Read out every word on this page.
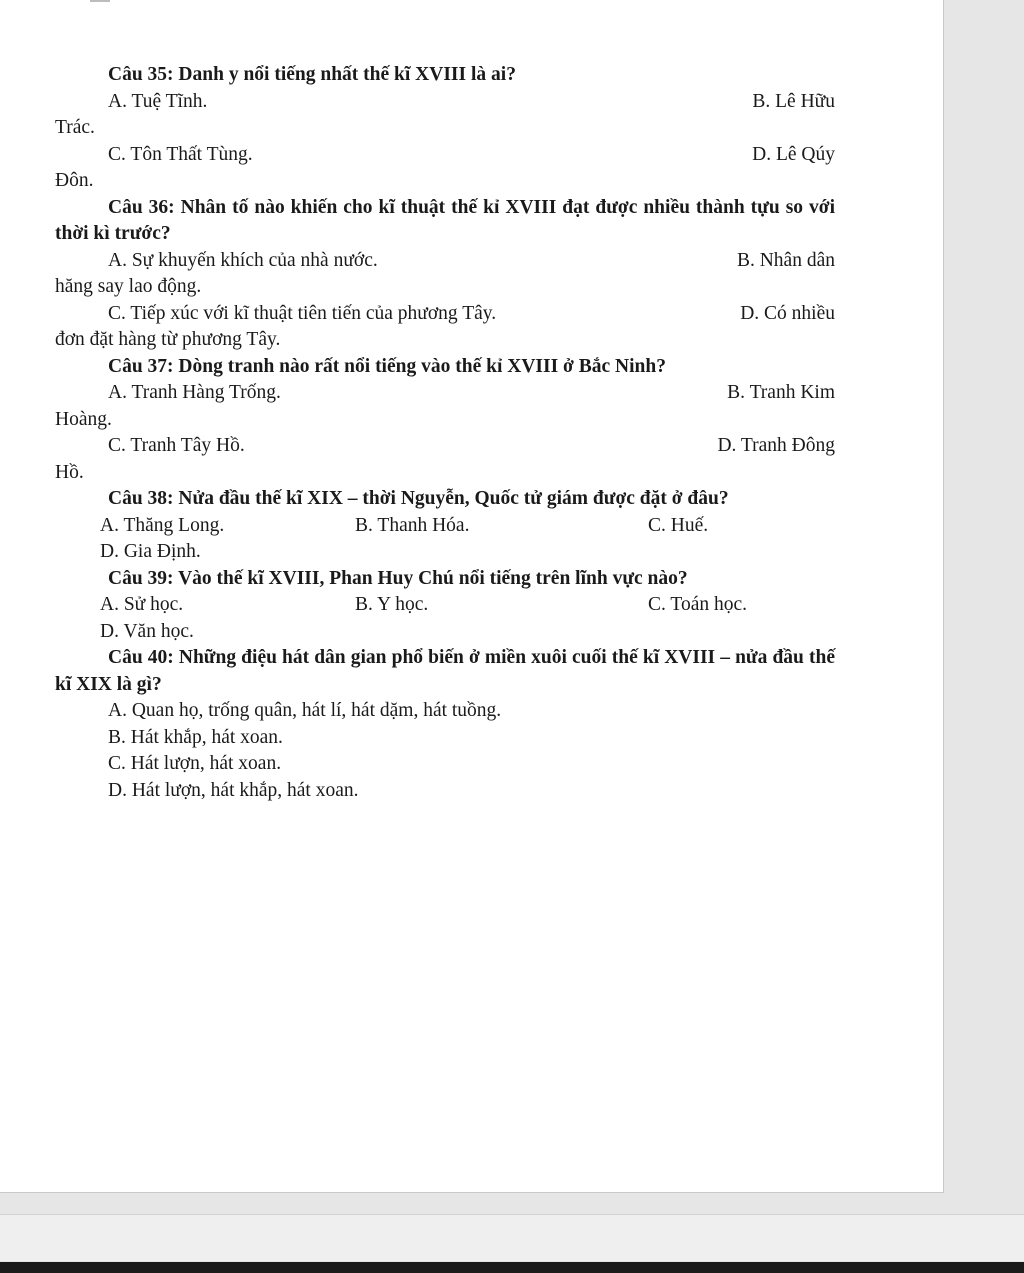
Câu 35: Danh y nổi tiếng nhất thế kĩ XVIII là ai?

A. Tuệ Tĩnh.	B. Lê Hữu

Trác.

C. Tôn Thất Tùng.	D. Lê Qúy

Đôn.

Câu 36: Nhân tố nào khiến cho kĩ thuật thế kỉ XVIII đạt được nhiều thành tựu so với thời kì trước?

A. Sự khuyến khích của nhà nước.	B. Nhân dân

hăng say lao động.

C. Tiếp xúc với kĩ thuật tiên tiến của phương Tây.	D. Có nhiều

đơn đặt hàng từ phương Tây.

Câu 37: Dòng tranh nào rất nổi tiếng vào thế kỉ XVIII ở Bắc Ninh?

A. Tranh Hàng Trống.	B. Tranh Kim

Hoàng.

C. Tranh Tây Hồ.	D. Tranh Đông

Hồ.

Câu 38: Nửa đầu thế kĩ XIX – thời Nguyễn, Quốc tử giám được đặt ở đâu?

A. Thăng Long.	B. Thanh Hóa.	C. Huế.
D. Gia Định.

Câu 39: Vào thế kĩ XVIII, Phan Huy Chú nổi tiếng trên lĩnh vực nào?

A. Sử học.	B. Y học.	C. Toán học.
D. Văn học.

Câu 40: Những điệu hát dân gian phổ biến ở miền xuôi cuối thế kĩ XVIII – nửa đầu thế kĩ XIX là gì?

A. Quan họ, trống quân, hát lí, hát dặm, hát tuồng.
B. Hát khắp, hát xoan.
C. Hát lượn, hát xoan.
D. Hát lượn, hát khắp, hát xoan.
